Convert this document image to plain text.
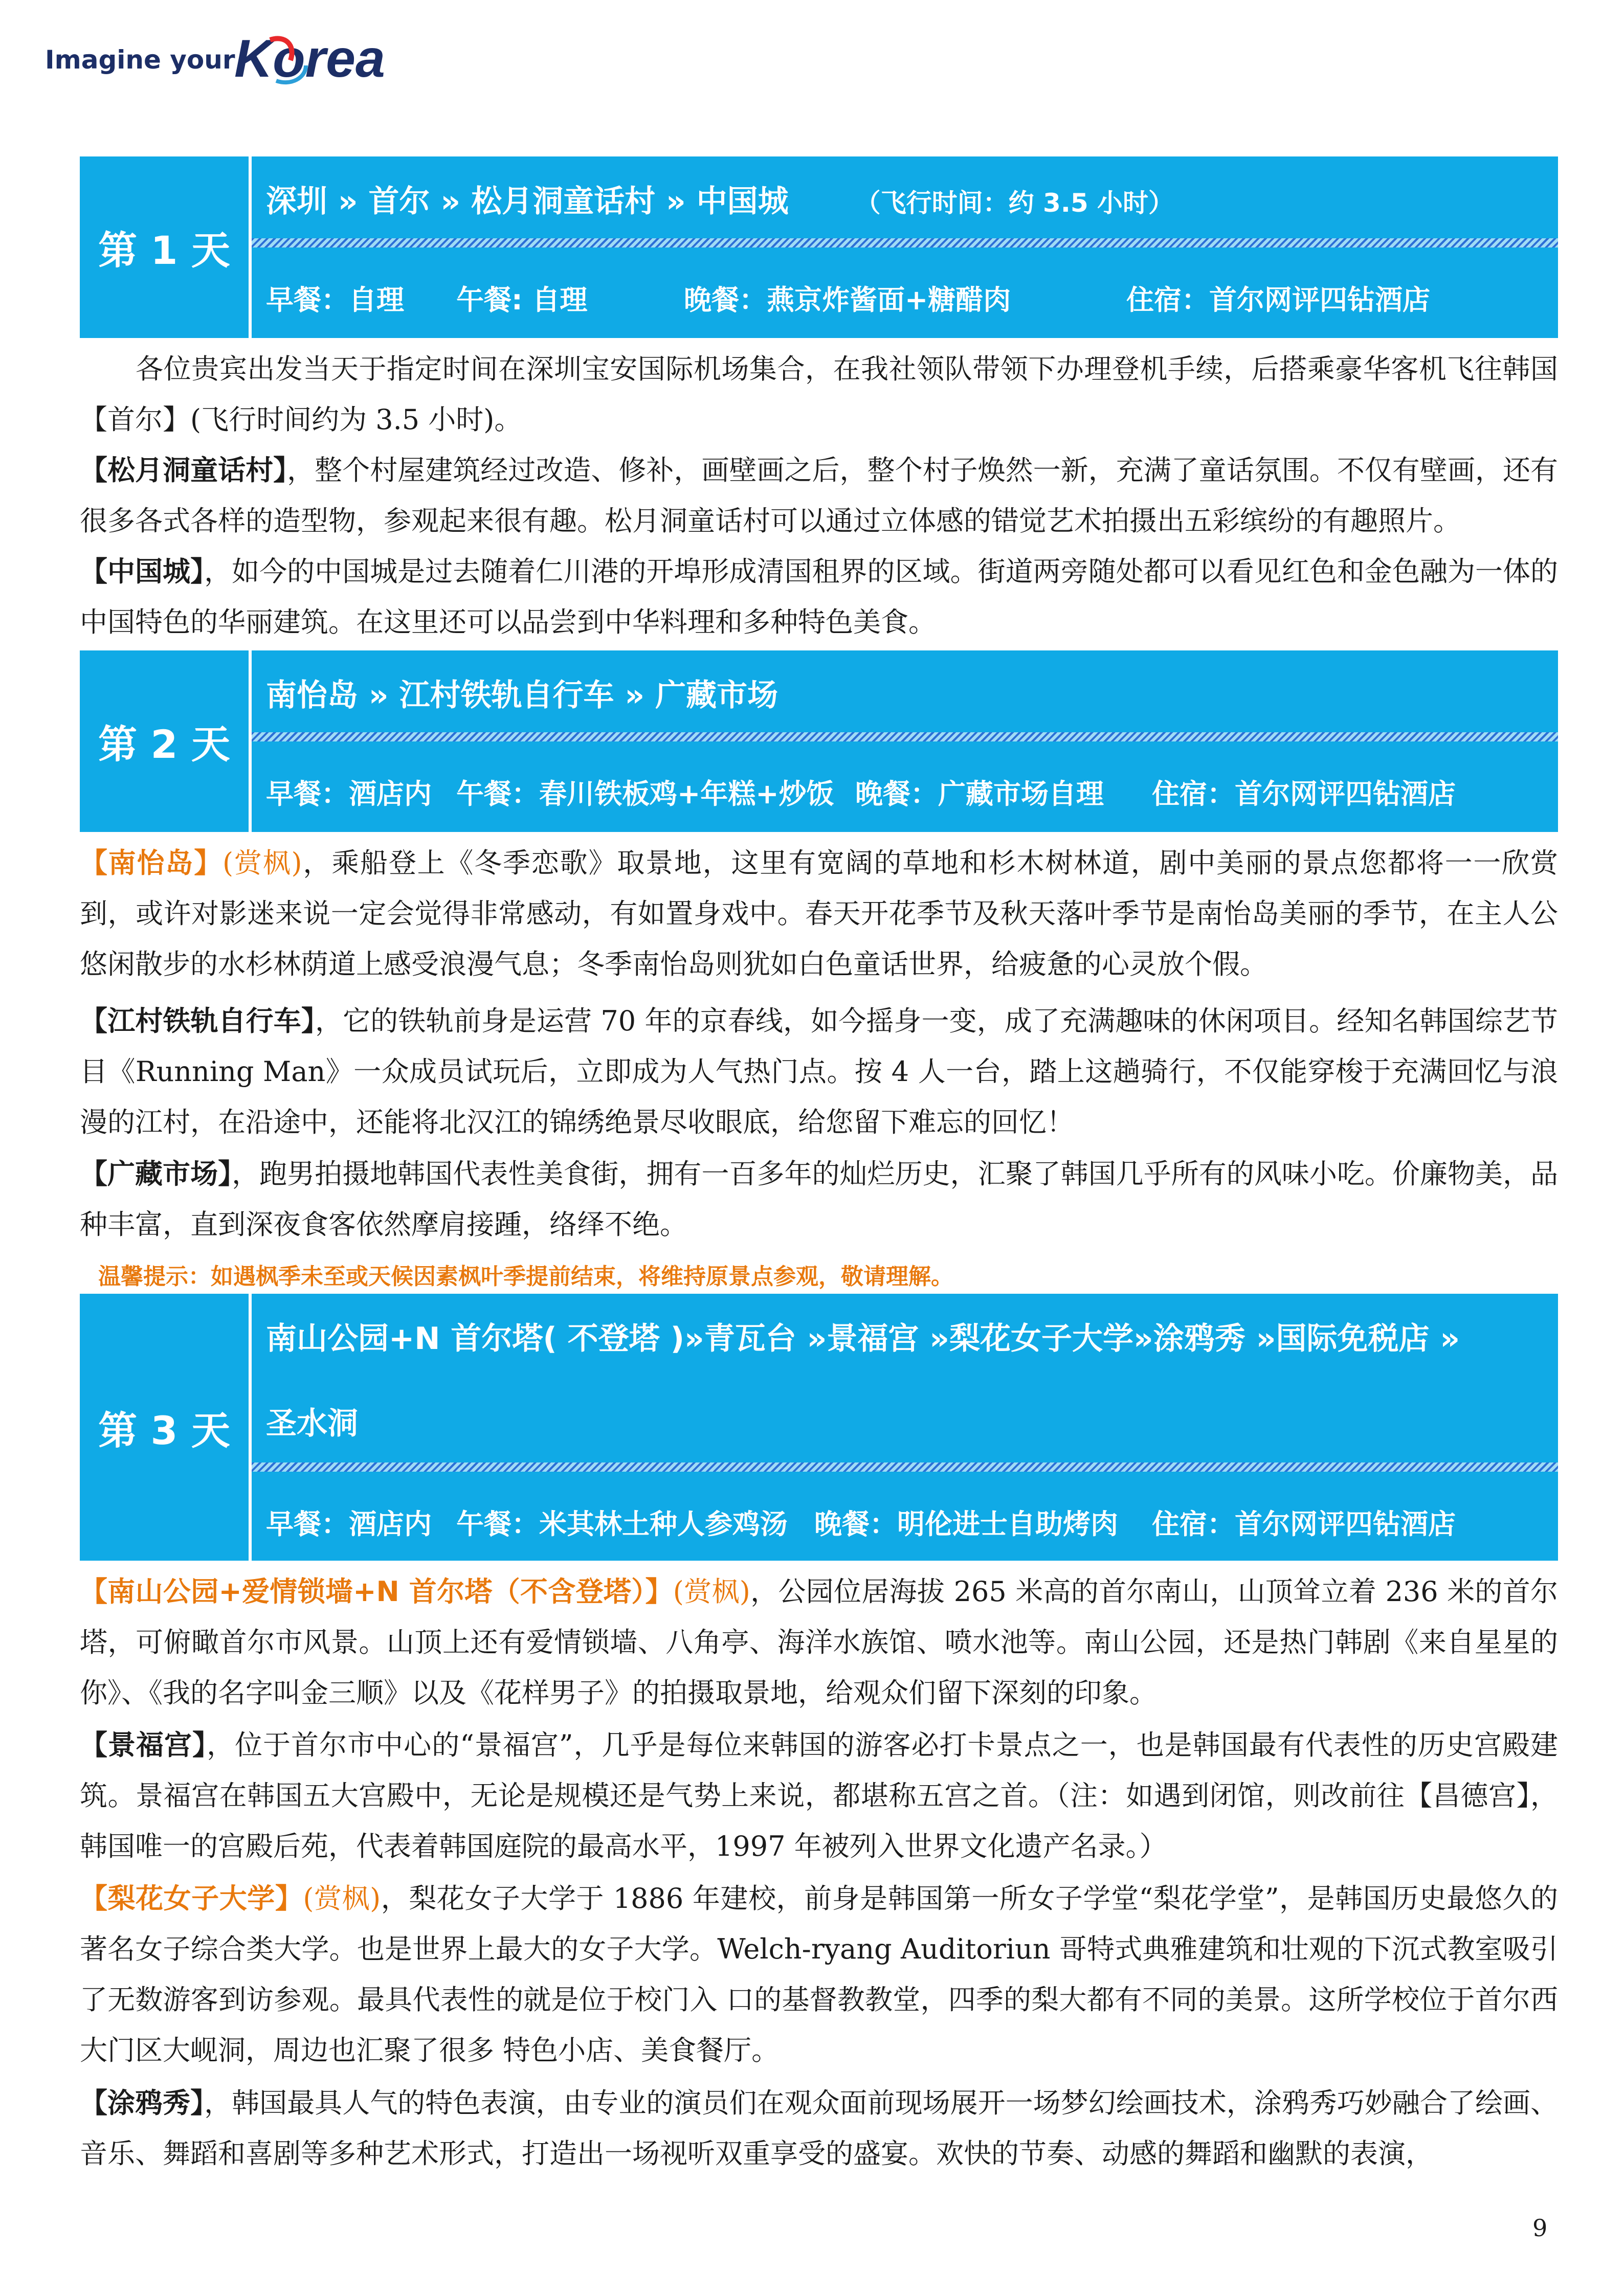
Imagine your
Korea
第 1 天
深圳 » 首尔 » 松月洞童话村 » 中国城	（飞行时间：约 3.5 小时）
早餐：自理 午餐: 自理	晚餐：燕京炸酱面+糖醋肉	住宿：首尔网评四钻酒店
　　各位贵宾出发当天于指定时间在深圳宝安国际机场集合，在我社领队带领下办理登机手续，后搭乘豪华客机飞往韩国【首尔】(飞行时间约为 3.5 小时)。
【松月洞童话村】，整个村屋建筑经过改造、修补，画壁画之后，整个村子焕然一新，充满了童话氛围。不仅有壁画，还有很多各式各样的造型物，参观起来很有趣。松月洞童话村可以通过立体感的错觉艺术拍摄出五彩缤纷的有趣照片。
【中国城】，如今的中国城是过去随着仁川港的开埠形成清国租界的区域。街道两旁随处都可以看见红色和金色融为一体的中国特色的华丽建筑。在这里还可以品尝到中华料理和多种特色美食。
第 2 天
南怡岛 » 江村铁轨自行车 » 广藏市场
早餐：酒店内 午餐：春川铁板鸡+年糕+炒饭 晚餐：广藏市场自理 住宿：首尔网评四钻酒店
【南怡岛】(赏枫)，乘船登上《冬季恋歌》取景地，这里有宽阔的草地和杉木树林道，剧中美丽的景点您都将一一欣赏到，或许对影迷来说一定会觉得非常感动，有如置身戏中。春天开花季节及秋天落叶季节是南怡岛美丽的季节，在主人公悠闲散步的水杉林荫道上感受浪漫气息；冬季南怡岛则犹如白色童话世界，给疲惫的心灵放个假。
【江村铁轨自行车】，它的铁轨前身是运营 70 年的京春线，如今摇身一变，成了充满趣味的休闲项目。经知名韩国综艺节目《Running Man》一众成员试玩后，立即成为人气热门点。按 4 人一台，踏上这趟骑行，不仅能穿梭于充满回忆与浪漫的江村，在沿途中，还能将北汉江的锦绣绝景尽收眼底，给您留下难忘的回忆！
【广藏市场】，跑男拍摄地韩国代表性美食街，拥有一百多年的灿烂历史，汇聚了韩国几乎所有的风味小吃。价廉物美，品种丰富，直到深夜食客依然摩肩接踵，络绎不绝。
温馨提示：如遇枫季未至或天候因素枫叶季提前结束，将维持原景点参观，敬请理解。
第 3 天
南山公园+N 首尔塔( 不登塔 )»青瓦台 »景福宫 »梨花女子大学»涂鸦秀 »国际免税店 »
圣水洞
早餐：酒店内 午餐：米其林土种人参鸡汤 晚餐：明伦进士自助烤肉 住宿：首尔网评四钻酒店
【南山公园+爱情锁墙+N 首尔塔（不含登塔）】(赏枫)，公园位居海拔 265 米高的首尔南山，山顶耸立着 236 米的首尔塔，可俯瞰首尔市风景。山顶上还有爱情锁墙、八角亭、海洋水族馆、喷水池等。南山公园，还是热门韩剧《来自星星的你》、《我的名字叫金三顺》以及《花样男子》的拍摄取景地，给观众们留下深刻的印象。
【景福宫】，位于首尔市中心的“景福宫”，几乎是每位来韩国的游客必打卡景点之一，也是韩国最有代表性的历史宫殿建筑。景福宫在韩国五大宫殿中，无论是规模还是气势上来说，都堪称五宫之首。（注：如遇到闭馆，则改前往【昌德宫】，韩国唯一的宫殿后苑，代表着韩国庭院的最高水平，1997 年被列入世界文化遗产名录。）
【梨花女子大学】(赏枫)，梨花女子大学于 1886 年建校，前身是韩国第一所女子学堂“梨花学堂”，是韩国历史最悠久的著名女子综合类大学。也是世界上最大的女子大学。Welch-ryang Auditoriun 哥特式典雅建筑和壮观的下沉式教室吸引了无数游客到访参观。最具代表性的就是位于校门入 口的基督教教堂，四季的梨大都有不同的美景。这所学校位于首尔西大门区大岘洞，周边也汇聚了很多 特色小店、美食餐厅。
【涂鸦秀】，韩国最具人气的特色表演，由专业的演员们在观众面前现场展开一场梦幻绘画技术，涂鸦秀巧妙融合了绘画、音乐、舞蹈和喜剧等多种艺术形式，打造出一场视听双重享受的盛宴。欢快的节奏、动感的舞蹈和幽默的表演，
9
